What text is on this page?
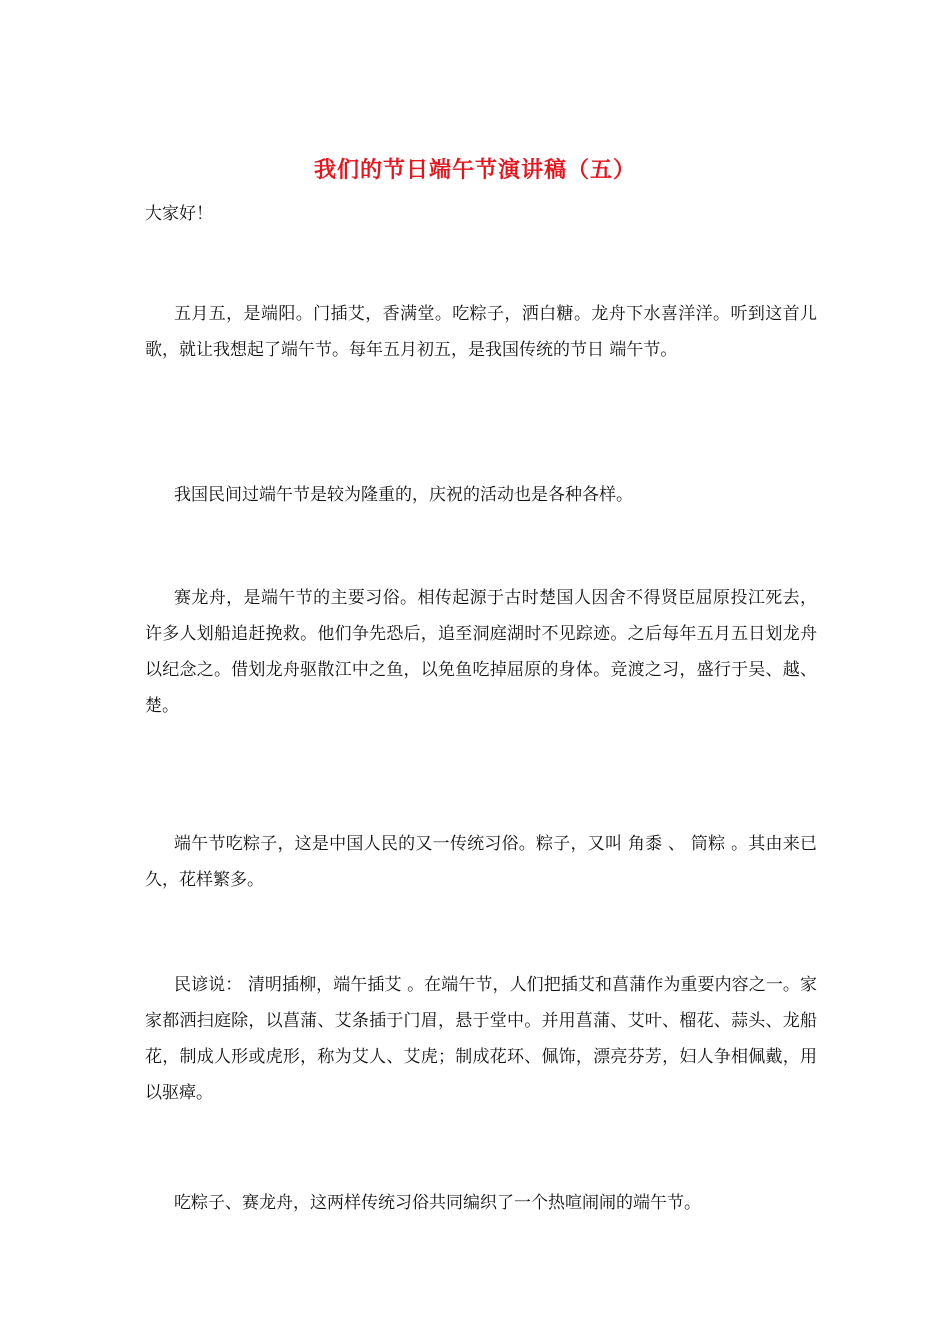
我们的节日端午节演讲稿（五）

大家好！

五月五，是端阳。门插艾，香满堂。吃粽子，洒白糖。龙舟下水喜洋洋。听到这首儿歌，就让我想起了端午节。每年五月初五，是我国传统的节日 端午节。

我国民间过端午节是较为隆重的，庆祝的活动也是各种各样。

赛龙舟，是端午节的主要习俗。相传起源于古时楚国人因舍不得贤臣屈原投江死去，许多人划船追赶挽救。他们争先恐后，追至洞庭湖时不见踪迹。之后每年五月五日划龙舟以纪念之。借划龙舟驱散江中之鱼，以免鱼吃掉屈原的身体。竞渡之习，盛行于吴、越、楚。

端午节吃粽子，这是中国人民的又一传统习俗。粽子，又叫 角黍 、 筒粽 。其由来已久，花样繁多。

民谚说： 清明插柳，端午插艾 。在端午节，人们把插艾和菖蒲作为重要内容之一。家家都洒扫庭除，以菖蒲、艾条插于门眉，悬于堂中。并用菖蒲、艾叶、榴花、蒜头、龙船花，制成人形或虎形，称为艾人、艾虎；制成花环、佩饰，漂亮芬芳，妇人争相佩戴，用以驱瘴。

吃粽子、赛龙舟，这两样传统习俗共同编织了一个热喧闹闹的端午节。
